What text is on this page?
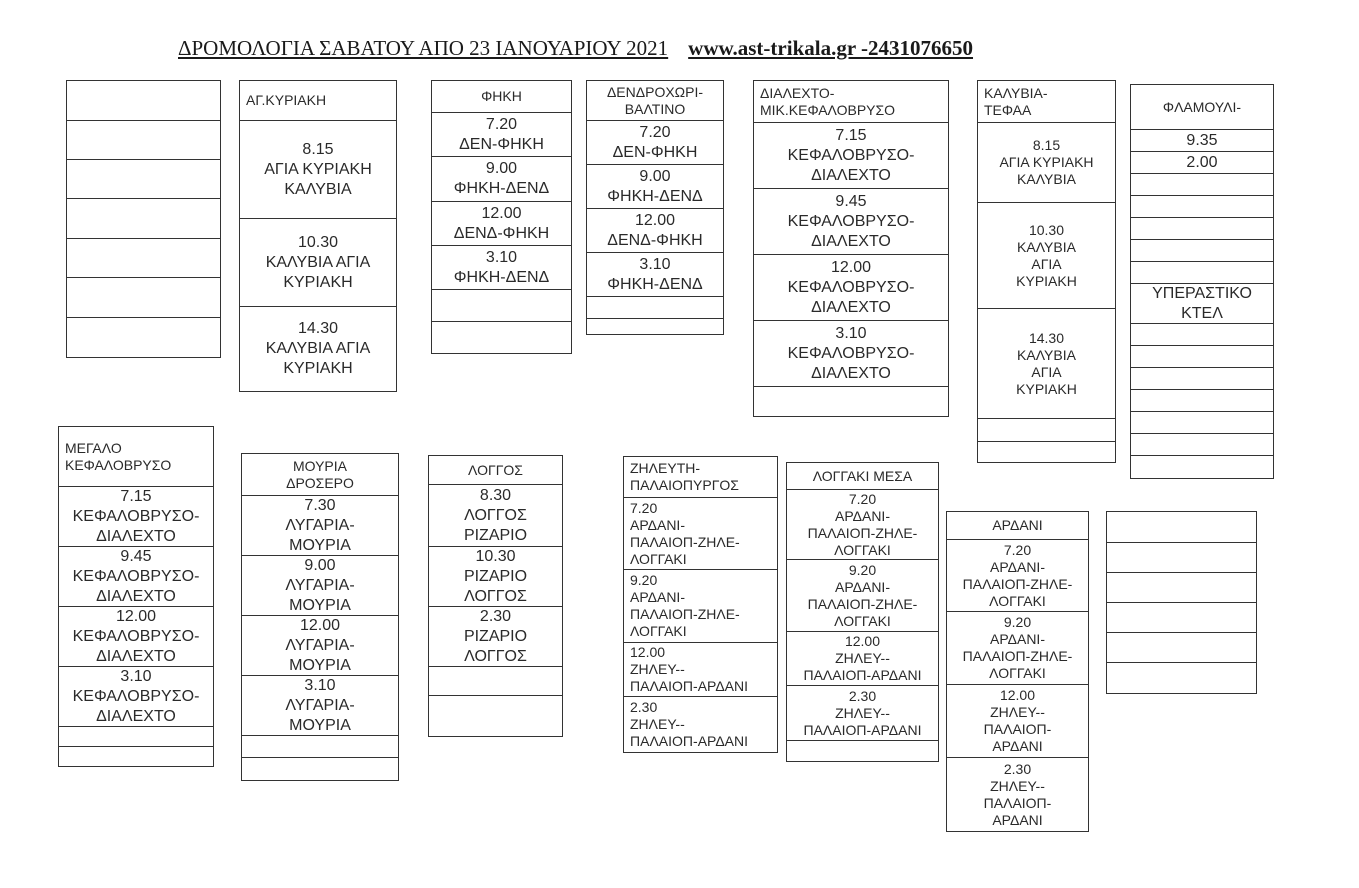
ΔΡΟΜΟΛΟΓΙΑ ΣΑΒΑΤΟΥ ΑΠΟ 23 ΙΑΝΟΥΑΡΙΟΥ 2021 www.ast-trikala.gr -2431076650
ΑΓ.ΚΥΡΙΑΚΗ
8.15
ΑΓΙΑ ΚΥΡΙΑΚΗ
ΚΑΛΥΒΙΑ
10.30
ΚΑΛΥΒΙΑ ΑΓΙΑ
ΚΥΡΙΑΚΗ
14.30
ΚΑΛΥΒΙΑ ΑΓΙΑ
ΚΥΡΙΑΚΗ
ΦΗΚΗ
7.20
ΔΕΝ-ΦΗΚΗ
9.00
ΦΗΚΗ-ΔΕΝΔ
12.00
ΔΕΝΔ-ΦΗΚΗ
3.10
ΦΗΚΗ-ΔΕΝΔ
ΔΕΝΔΡΟΧΩΡΙ-
ΒΑΛΤΙΝΟ
7.20
ΔΕΝ-ΦΗΚΗ
9.00
ΦΗΚΗ-ΔΕΝΔ
12.00
ΔΕΝΔ-ΦΗΚΗ
3.10
ΦΗΚΗ-ΔΕΝΔ
ΔΙΑΛΕΧΤΟ-
ΜΙΚ.ΚΕΦΑΛΟΒΡΥΣΟ
7.15
ΚΕΦΑΛΟΒΡΥΣΟ-
ΔΙΑΛΕΧΤΟ
9.45
ΚΕΦΑΛΟΒΡΥΣΟ-
ΔΙΑΛΕΧΤΟ
12.00
ΚΕΦΑΛΟΒΡΥΣΟ-
ΔΙΑΛΕΧΤΟ
3.10
ΚΕΦΑΛΟΒΡΥΣΟ-
ΔΙΑΛΕΧΤΟ
ΚΑΛΥΒΙΑ-
ΤΕΦΑΑ
8.15
ΑΓΙΑ ΚΥΡΙΑΚΗ
ΚΑΛΥΒΙΑ
10.30
ΚΑΛΥΒΙΑ
ΑΓΙΑ
ΚΥΡΙΑΚΗ
14.30
ΚΑΛΥΒΙΑ
ΑΓΙΑ
ΚΥΡΙΑΚΗ
ΦΛΑΜΟΥΛΙ-
9.35
2.00
ΥΠΕΡΑΣΤΙΚΟ
ΚΤΕΛ
ΜΕΓΑΛΟ
ΚΕΦΑΛΟΒΡΥΣΟ
7.15
ΚΕΦΑΛΟΒΡΥΣΟ-
ΔΙΑΛΕΧΤΟ
9.45
ΚΕΦΑΛΟΒΡΥΣΟ-
ΔΙΑΛΕΧΤΟ
12.00
ΚΕΦΑΛΟΒΡΥΣΟ-
ΔΙΑΛΕΧΤΟ
3.10
ΚΕΦΑΛΟΒΡΥΣΟ-
ΔΙΑΛΕΧΤΟ
ΜΟΥΡΙΑ
ΔΡΟΣΕΡΟ
7.30
ΛΥΓΑΡΙΑ-
ΜΟΥΡΙΑ
9.00
ΛΥΓΑΡΙΑ-
ΜΟΥΡΙΑ
12.00
ΛΥΓΑΡΙΑ-
ΜΟΥΡΙΑ
3.10
ΛΥΓΑΡΙΑ-
ΜΟΥΡΙΑ
ΛΟΓΓΟΣ
8.30
ΛΟΓΓΟΣ
ΡΙΖΑΡΙΟ
10.30
ΡΙΖΑΡΙΟ
ΛΟΓΓΟΣ
2.30
ΡΙΖΑΡΙΟ
ΛΟΓΓΟΣ
ΖΗΛΕΥΤΗ-
ΠΑΛΑΙΟΠΥΡΓΟΣ
7.20
ΑΡΔΑΝΙ-
ΠΑΛΑΙΟΠ-ΖΗΛΕ-
ΛΟΓΓΑΚΙ
9.20
ΑΡΔΑΝΙ-
ΠΑΛΑΙΟΠ-ΖΗΛΕ-
ΛΟΓΓΑΚΙ
12.00
ΖΗΛΕΥ--
ΠΑΛΑΙΟΠ-ΑΡΔΑΝΙ
2.30
ΖΗΛΕΥ--
ΠΑΛΑΙΟΠ-ΑΡΔΑΝΙ
ΛΟΓΓΑΚΙ ΜΕΣΑ
7.20
ΑΡΔΑΝΙ-
ΠΑΛΑΙΟΠ-ΖΗΛΕ-
ΛΟΓΓΑΚΙ
9.20
ΑΡΔΑΝΙ-
ΠΑΛΑΙΟΠ-ΖΗΛΕ-
ΛΟΓΓΑΚΙ
12.00
ΖΗΛΕΥ--
ΠΑΛΑΙΟΠ-ΑΡΔΑΝΙ
2.30
ΖΗΛΕΥ--
ΠΑΛΑΙΟΠ-ΑΡΔΑΝΙ
ΑΡΔΑΝΙ
7.20
ΑΡΔΑΝΙ-
ΠΑΛΑΙΟΠ-ΖΗΛΕ-
ΛΟΓΓΑΚΙ
9.20
ΑΡΔΑΝΙ-
ΠΑΛΑΙΟΠ-ΖΗΛΕ-
ΛΟΓΓΑΚΙ
12.00
ΖΗΛΕΥ--
ΠΑΛΑΙΟΠ-
ΑΡΔΑΝΙ
2.30
ΖΗΛΕΥ--
ΠΑΛΑΙΟΠ-
ΑΡΔΑΝΙ
